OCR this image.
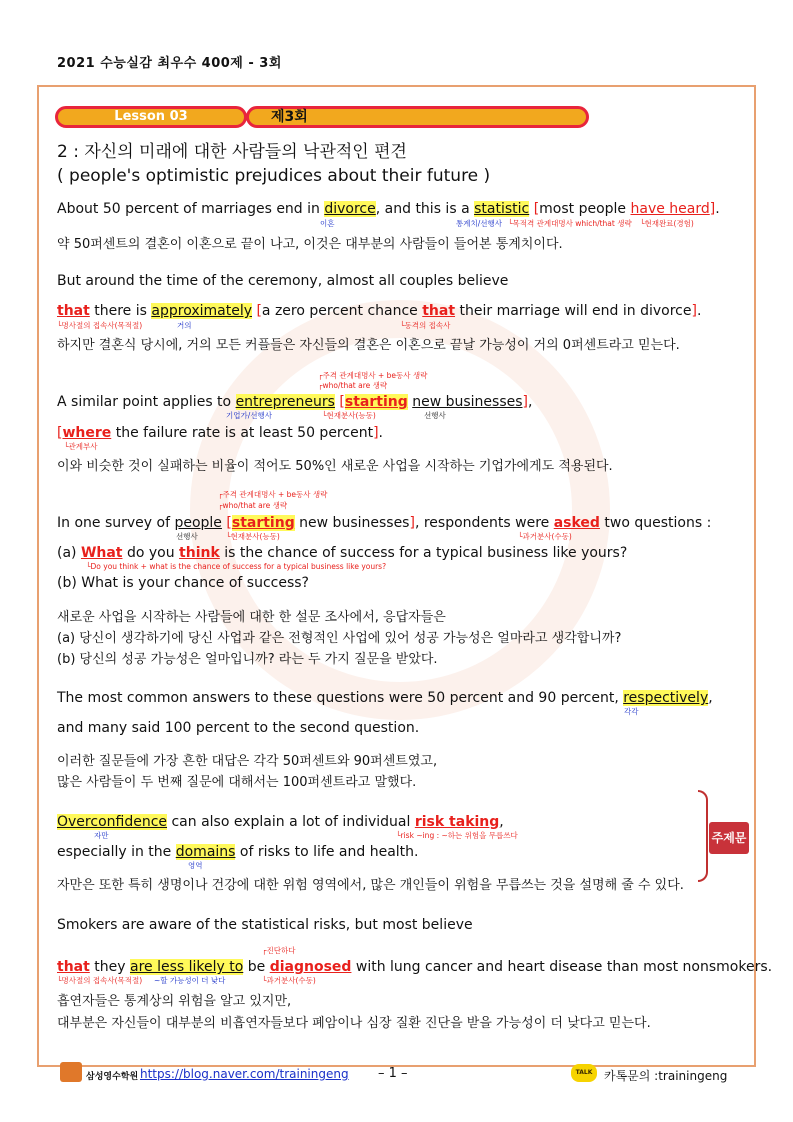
2021 수능실감 최우수 400제 - 3회
Lesson 03	제3회
2 : 자신의 미래에 대한 사람들의 낙관적인 편견
( people's optimistic prejudices about their future )
About 50 percent of marriages end in divorce, and this is a statistic [most people have heard].
이혼	통계치/선행사 └목적격 관계대명사 which/that 생략 └현재완료(경험)
약 50퍼센트의 결혼이 이혼으로 끝이 나고, 이것은 대부분의 사람들이 들어본 통계치이다.
But around the time of the ceremony, almost all couples believe
that there is approximately [a zero percent chance that their marriage will end in divorce].
└명사절의 접속사(목적절)	거의	└동격의 접속사
하지만 결혼식 당시에, 거의 모든 커플들은 자신들의 결혼은 이혼으로 끝날 가능성이 거의 0퍼센트라고 믿는다.
┌주격 관계대명사 + be동사 생략
┌who/that are 생략
A similar point applies to entrepreneurs [starting new businesses],
기업가/선행사	└현재분사(능동)	선행사
[where the failure rate is at least 50 percent].
└관계부사
이와 비슷한 것이 실패하는 비율이 적어도 50%인 새로운 사업을 시작하는 기업가에게도 적용된다.
┌주격 관계대명사 + be동사 생략
┌who/that are 생략
In one survey of people [starting new businesses], respondents were asked two questions :
선행사	└현재분사(능동)	└과거분사(수동)
(a) What do you think is the chance of success for a typical business like yours?
└Do you think + what is the chance of success for a typical business like yours?
(b) What is your chance of success?
새로운 사업을 시작하는 사람들에 대한 한 설문 조사에서, 응답자들은
(a) 당신이 생각하기에 당신 사업과 같은 전형적인 사업에 있어 성공 가능성은 얼마라고 생각합니까?
(b) 당신의 성공 가능성은 얼마입니까? 라는 두 가지 질문을 받았다.
The most common answers to these questions were 50 percent and 90 percent, respectively,
각각
and many said 100 percent to the second question.
이러한 질문들에 가장 흔한 대답은 각각 50퍼센트와 90퍼센트였고,
많은 사람들이 두 번째 질문에 대해서는 100퍼센트라고 말했다.
Overconfidence can also explain a lot of individual risk taking,
자만	└risk ~ing : ~하는 위험을 무릅쓰다
especially in the domains of risks to life and health.
영역
자만은 또한 특히 생명이나 건강에 대한 위험 영역에서, 많은 개인들이 위험을 무릅쓰는 것을 설명해 줄 수 있다.
주제문
Smokers are aware of the statistical risks, but most believe
┌진단하다
that they are less likely to be diagnosed with lung cancer and heart disease than most nonsmokers.
└명사절의 접속사(목적절) ~할 가능성이 더 낮다	└과거분사(수동)
흡연자들은 통계상의 위험을 알고 있지만,
대부분은 자신들이 대부분의 비흡연자들보다 폐암이나 심장 질환 진단을 받을 가능성이 더 낮다고 믿는다.
삼성영수학원 https://blog.naver.com/trainingeng – 1 –	TALK 카톡문의 :trainingeng
